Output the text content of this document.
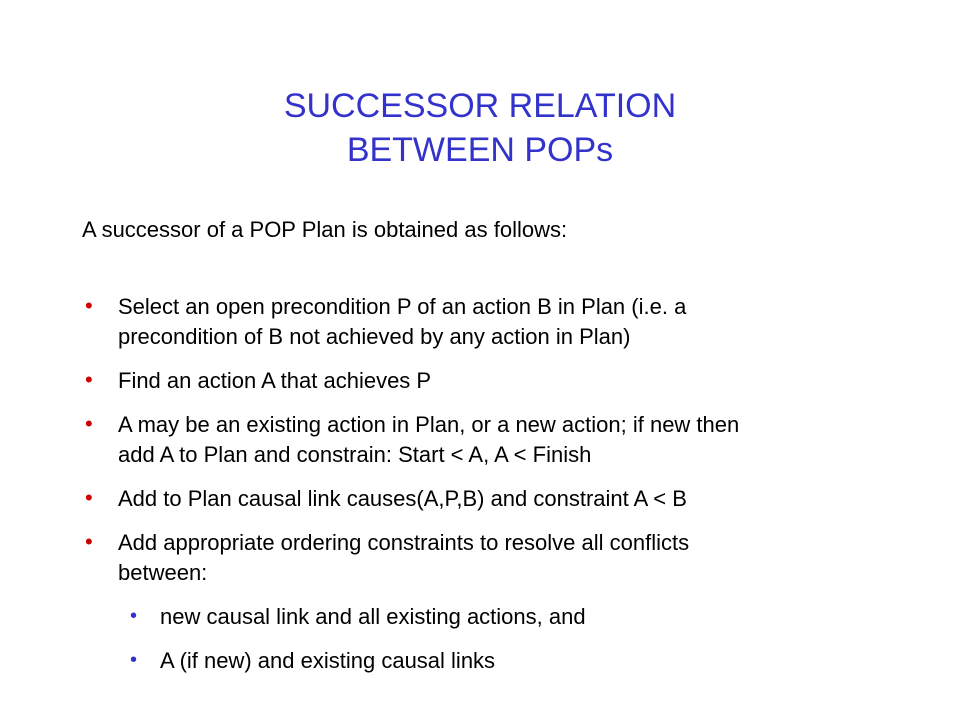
SUCCESSOR RELATION
BETWEEN POPs

A successor of a POP Plan is obtained as follows:

• Select an open precondition P of an action B in Plan (i.e. a
precondition of B not achieved by any action in Plan)
• Find an action A that achieves P
• A may be an existing action in Plan, or a new action; if new then
add A to Plan and constrain: Start < A, A < Finish
• Add to Plan causal link causes(A,P,B) and constraint A < B
• Add appropriate ordering constraints to resolve all conflicts
between:
• new causal link and all existing actions, and
• A (if new) and existing causal links
